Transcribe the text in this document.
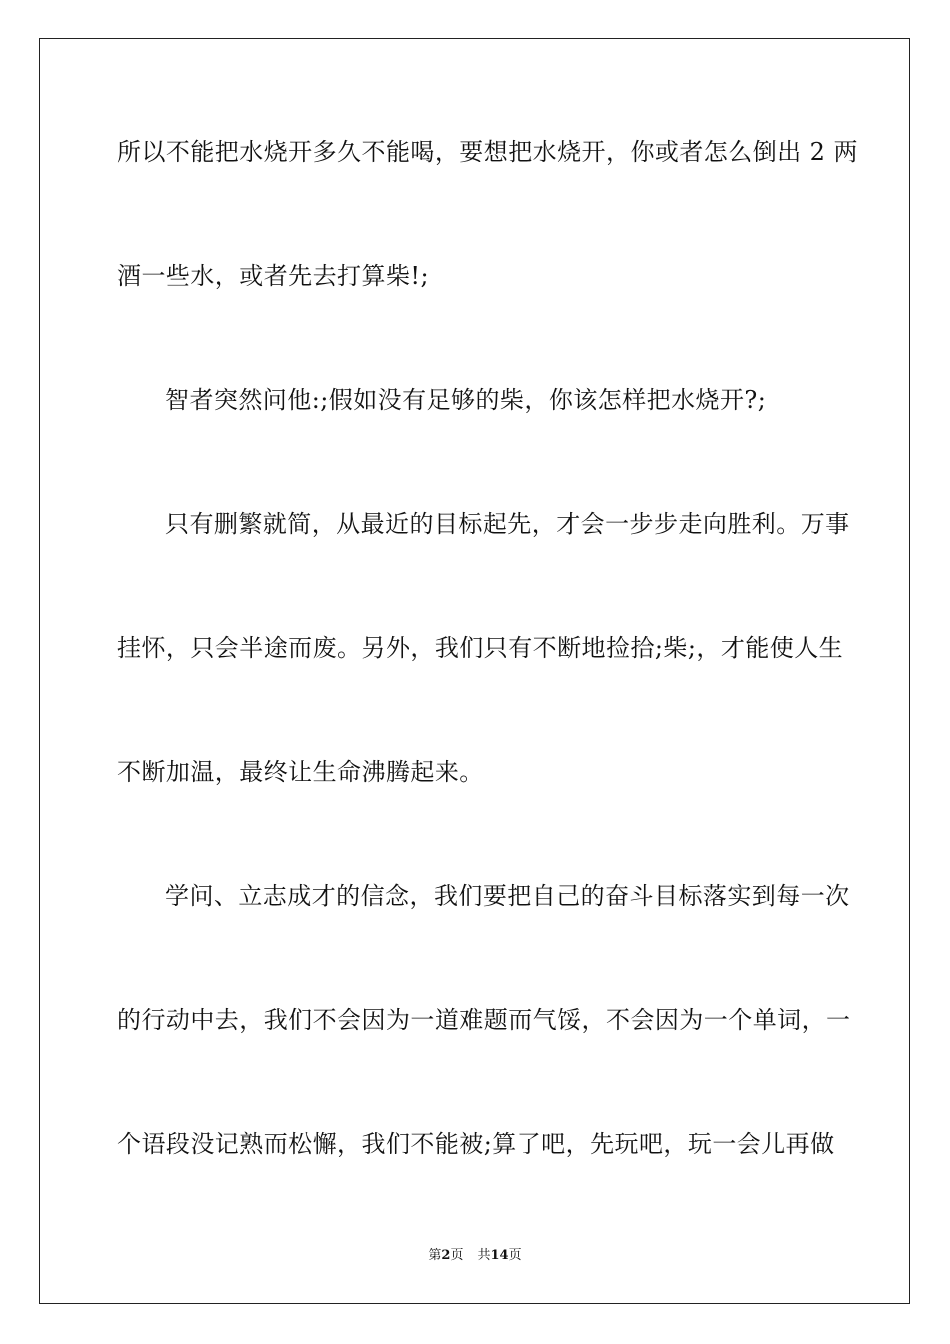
所以不能把水烧开多久不能喝，要想把水烧开，你或者怎么倒出 2 两
酒一些水，或者先去打算柴!;
智者突然问他:;假如没有足够的柴，你该怎样把水烧开?;
只有删繁就简，从最近的目标起先，才会一步步走向胜利。万事
挂怀，只会半途而废。另外，我们只有不断地捡拾;柴;，才能使人生
不断加温，最终让生命沸腾起来。
学问、立志成才的信念，我们要把自己的奋斗目标落实到每一次
的行动中去，我们不会因为一道难题而气馁，不会因为一个单词，一
个语段没记熟而松懈，我们不能被;算了吧，先玩吧，玩一会儿再做
第2页 共14页
